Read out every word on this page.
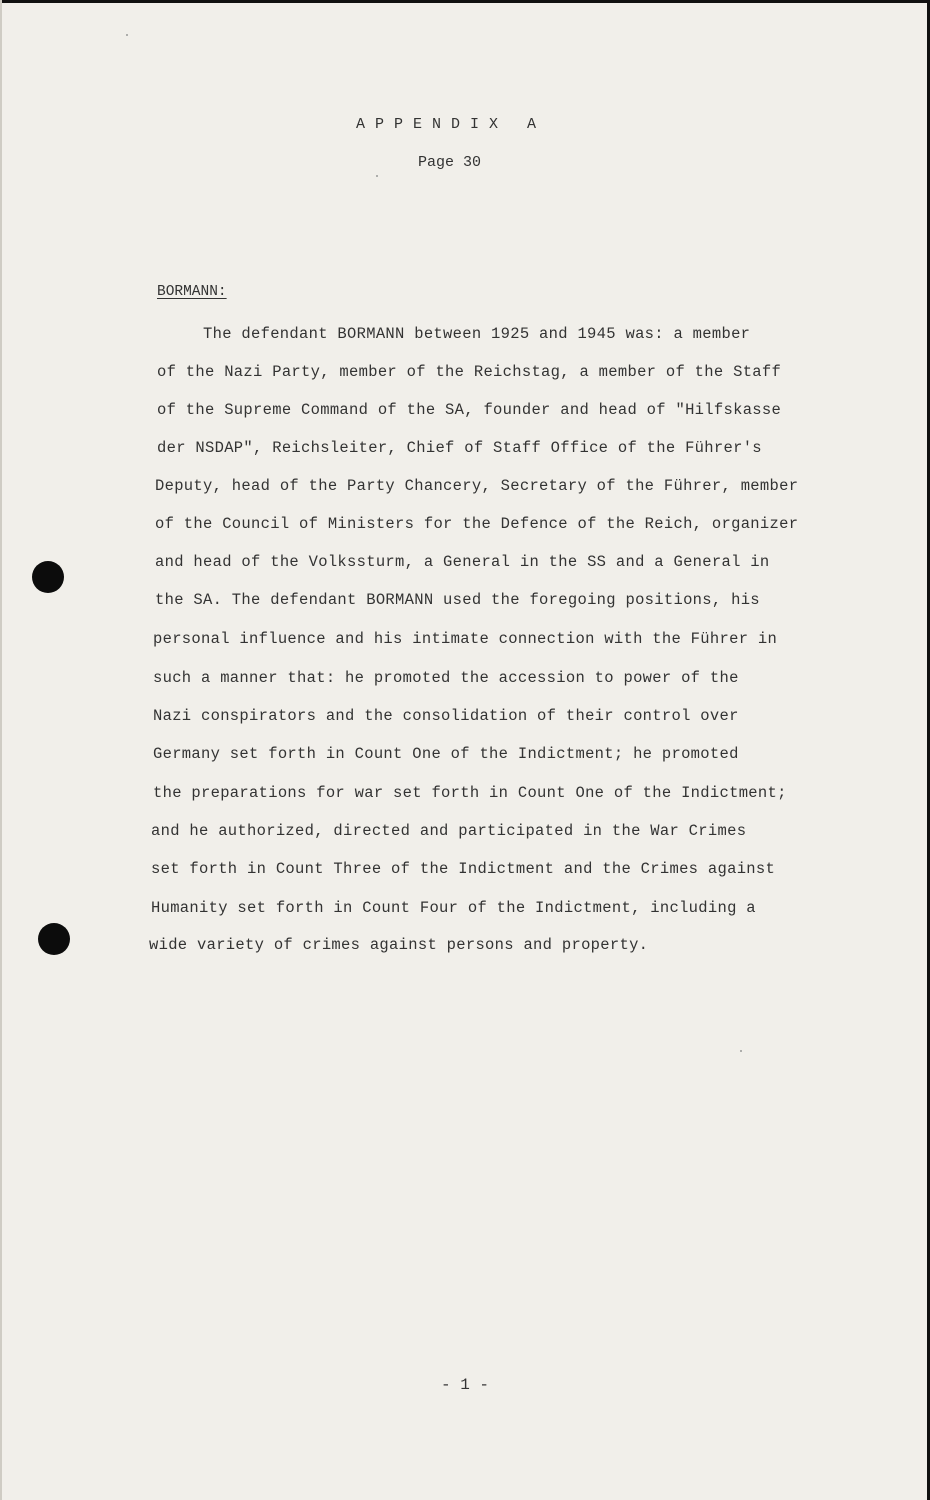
APPENDIX A
Page 30
BORMANN:
The defendant BORMANN between 1925 and 1945 was: a member
of the Nazi Party, member of the Reichstag, a member of the Staff
of the Supreme Command of the SA, founder and head of "Hilfskasse
der NSDAP", Reichsleiter, Chief of Staff Office of the Führer's
Deputy, head of the Party Chancery, Secretary of the Führer, member
of the Council of Ministers for the Defence of the Reich, organizer
and head of the Volkssturm, a General in the SS and a General in
the SA. The defendant BORMANN used the foregoing positions, his
personal influence and his intimate connection with the Führer in
such a manner that: he promoted the accession to power of the
Nazi conspirators and the consolidation of their control over
Germany set forth in Count One of the Indictment; he promoted
the preparations for war set forth in Count One of the Indictment;
and he authorized, directed and participated in the War Crimes
set forth in Count Three of the Indictment and the Crimes against
Humanity set forth in Count Four of the Indictment, including a
wide variety of crimes against persons and property.
- 1 -
